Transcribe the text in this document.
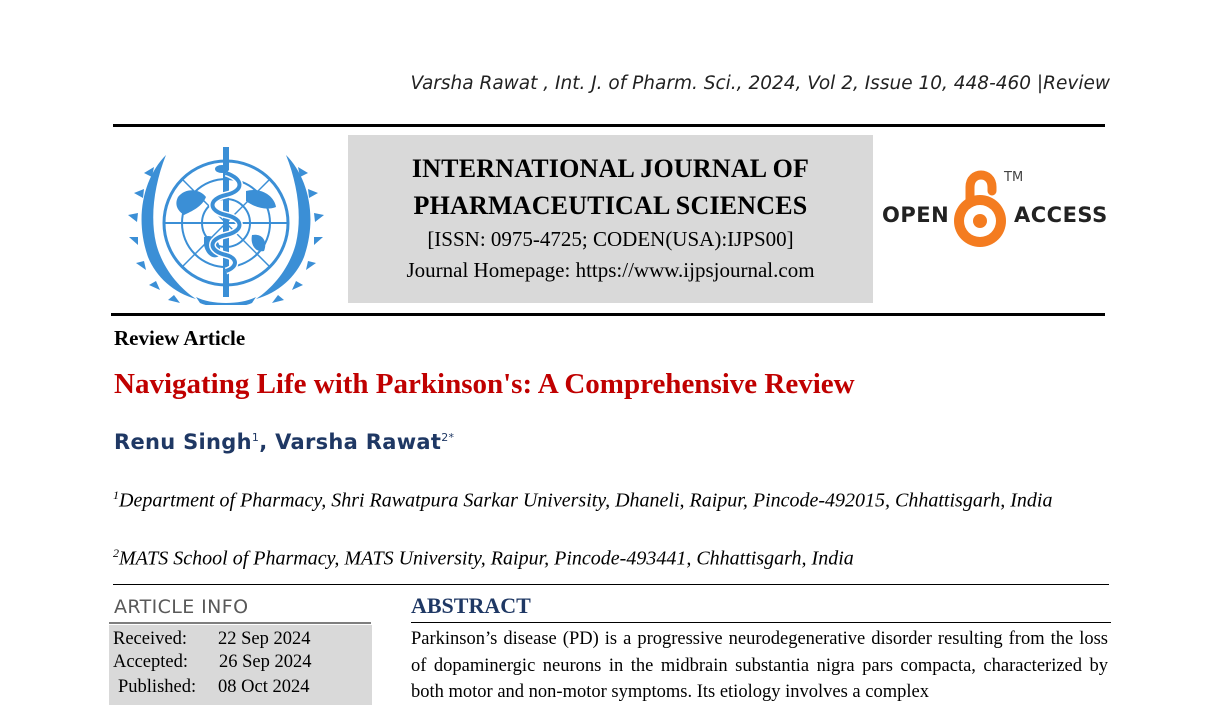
Varsha Rawat , Int. J. of Pharm. Sci., 2024, Vol 2, Issue 10, 448-460 |Review
INTERNATIONAL JOURNAL OF
PHARMACEUTICAL SCIENCES
[ISSN: 0975-4725; CODEN(USA):IJPS00]
Journal Homepage: https://www.ijpsjournal.com
OPEN	ACCESS
TM
Review Article
Navigating Life with Parkinson's: A Comprehensive Review
Renu Singh$^1$, Varsha Rawat$^{2*}$
$^1$Department of Pharmacy, Shri Rawatpura Sarkar University, Dhaneli, Raipur, Pincode-492015, Chhattisgarh, India
$^2$MATS School of Pharmacy, MATS University, Raipur, Pincode-493441, Chhattisgarh, India
ARTICLE INFO
Received: 22 Sep 2024
Accepted: 26 Sep 2024
Published: 08 Oct 2024
ABSTRACT
Parkinson’s disease (PD) is a progressive neurodegenerative disorder resulting from the loss of dopaminergic neurons in the midbrain substantia nigra pars compacta, characterized by both motor and non-motor symptoms. Its etiology involves a complex
